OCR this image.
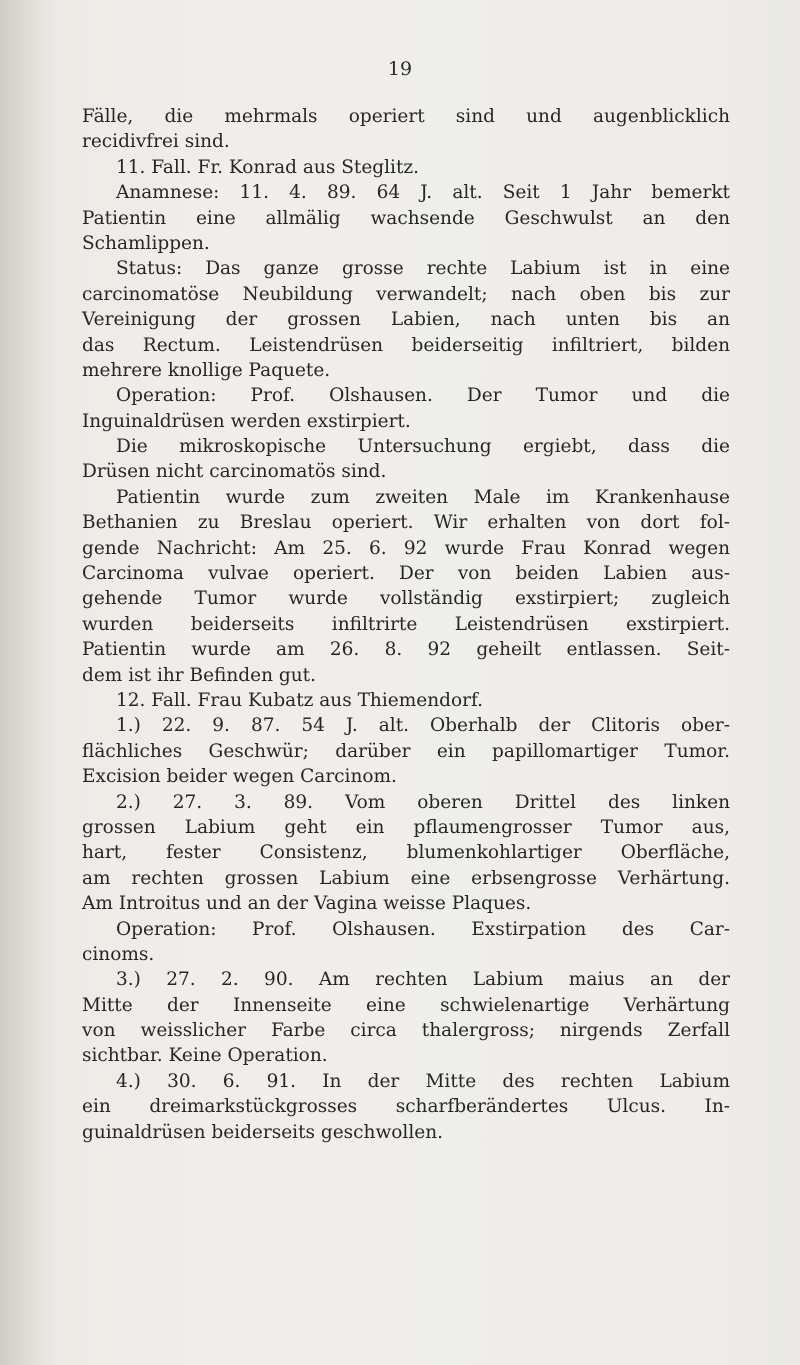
19
Fälle, die mehrmals operiert sind und augenblicklich
recidivfrei sind.
11. Fall. Fr. Konrad aus Steglitz.
Anamnese: 11. 4. 89. 64 J. alt. Seit 1 Jahr bemerkt
Patientin eine allmälig wachsende Geschwulst an den
Schamlippen.
Status: Das ganze grosse rechte Labium ist in eine
carcinomatöse Neubildung verwandelt; nach oben bis zur
Vereinigung der grossen Labien, nach unten bis an
das Rectum. Leistendrüsen beiderseitig infiltriert, bilden
mehrere knollige Paquete.
Operation: Prof. Olshausen. Der Tumor und die
Inguinaldrüsen werden exstirpiert.
Die mikroskopische Untersuchung ergiebt, dass die
Drüsen nicht carcinomatös sind.
Patientin wurde zum zweiten Male im Krankenhause
Bethanien zu Breslau operiert. Wir erhalten von dort fol-
gende Nachricht: Am 25. 6. 92 wurde Frau Konrad wegen
Carcinoma vulvae operiert. Der von beiden Labien aus-
gehende Tumor wurde vollständig exstirpiert; zugleich
wurden beiderseits infiltrirte Leistendrüsen exstirpiert.
Patientin wurde am 26. 8. 92 geheilt entlassen. Seit-
dem ist ihr Befinden gut.
12. Fall. Frau Kubatz aus Thiemendorf.
1.) 22. 9. 87. 54 J. alt. Oberhalb der Clitoris ober-
flächliches Geschwür; darüber ein papillomartiger Tumor.
Excision beider wegen Carcinom.
2.) 27. 3. 89. Vom oberen Drittel des linken
grossen Labium geht ein pflaumengrosser Tumor aus,
hart, fester Consistenz, blumenkohlartiger Oberfläche,
am rechten grossen Labium eine erbsengrosse Verhärtung.
Am Introitus und an der Vagina weisse Plaques.
Operation: Prof. Olshausen. Exstirpation des Car-
cinoms.
3.) 27. 2. 90. Am rechten Labium maius an der
Mitte der Innenseite eine schwielenartige Verhärtung
von weisslicher Farbe circa thalergross; nirgends Zerfall
sichtbar. Keine Operation.
4.) 30. 6. 91. In der Mitte des rechten Labium
ein dreimarkstückgrosses scharfberändertes Ulcus. In-
guinaldrüsen beiderseits geschwollen.
